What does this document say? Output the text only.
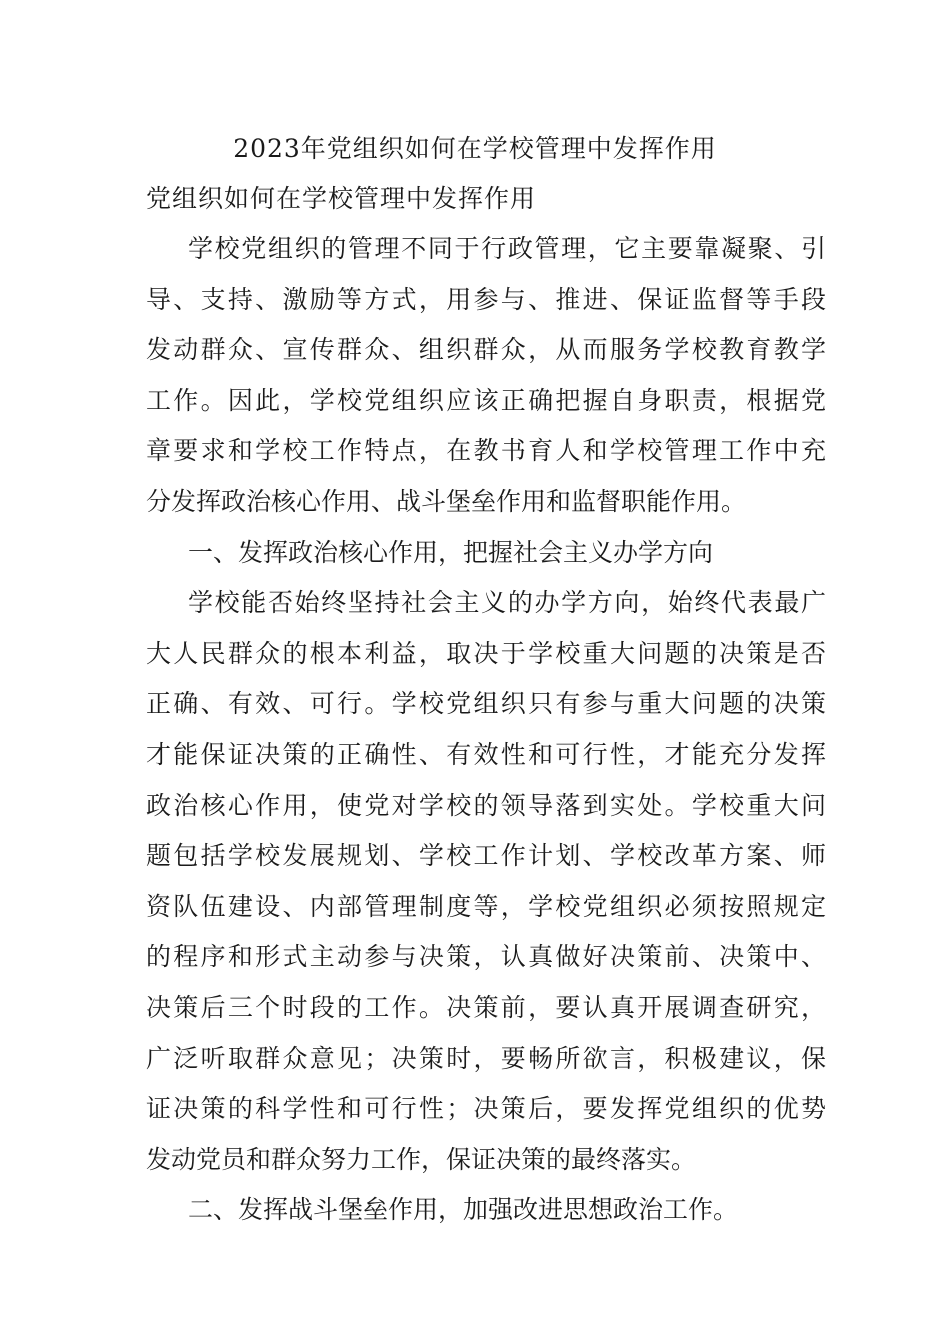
2023年党组织如何在学校管理中发挥作用
党组织如何在学校管理中发挥作用
学校党组织的管理不同于行政管理，它主要靠凝聚、引
导、支持、激励等方式，用参与、推进、保证监督等手段
发动群众、宣传群众、组织群众，从而服务学校教育教学
工作。因此，学校党组织应该正确把握自身职责，根据党
章要求和学校工作特点，在教书育人和学校管理工作中充
分发挥政治核心作用、战斗堡垒作用和监督职能作用。
一、发挥政治核心作用，把握社会主义办学方向
学校能否始终坚持社会主义的办学方向，始终代表最广
大人民群众的根本利益，取决于学校重大问题的决策是否
正确、有效、可行。学校党组织只有参与重大问题的决策
才能保证决策的正确性、有效性和可行性，才能充分发挥
政治核心作用，使党对学校的领导落到实处。学校重大问
题包括学校发展规划、学校工作计划、学校改革方案、师
资队伍建设、内部管理制度等，学校党组织必须按照规定
的程序和形式主动参与决策，认真做好决策前、决策中、
决策后三个时段的工作。决策前，要认真开展调查研究，
广泛听取群众意见；决策时，要畅所欲言，积极建议，保
证决策的科学性和可行性；决策后，要发挥党组织的优势
发动党员和群众努力工作，保证决策的最终落实。
二、发挥战斗堡垒作用，加强改进思想政治工作。
